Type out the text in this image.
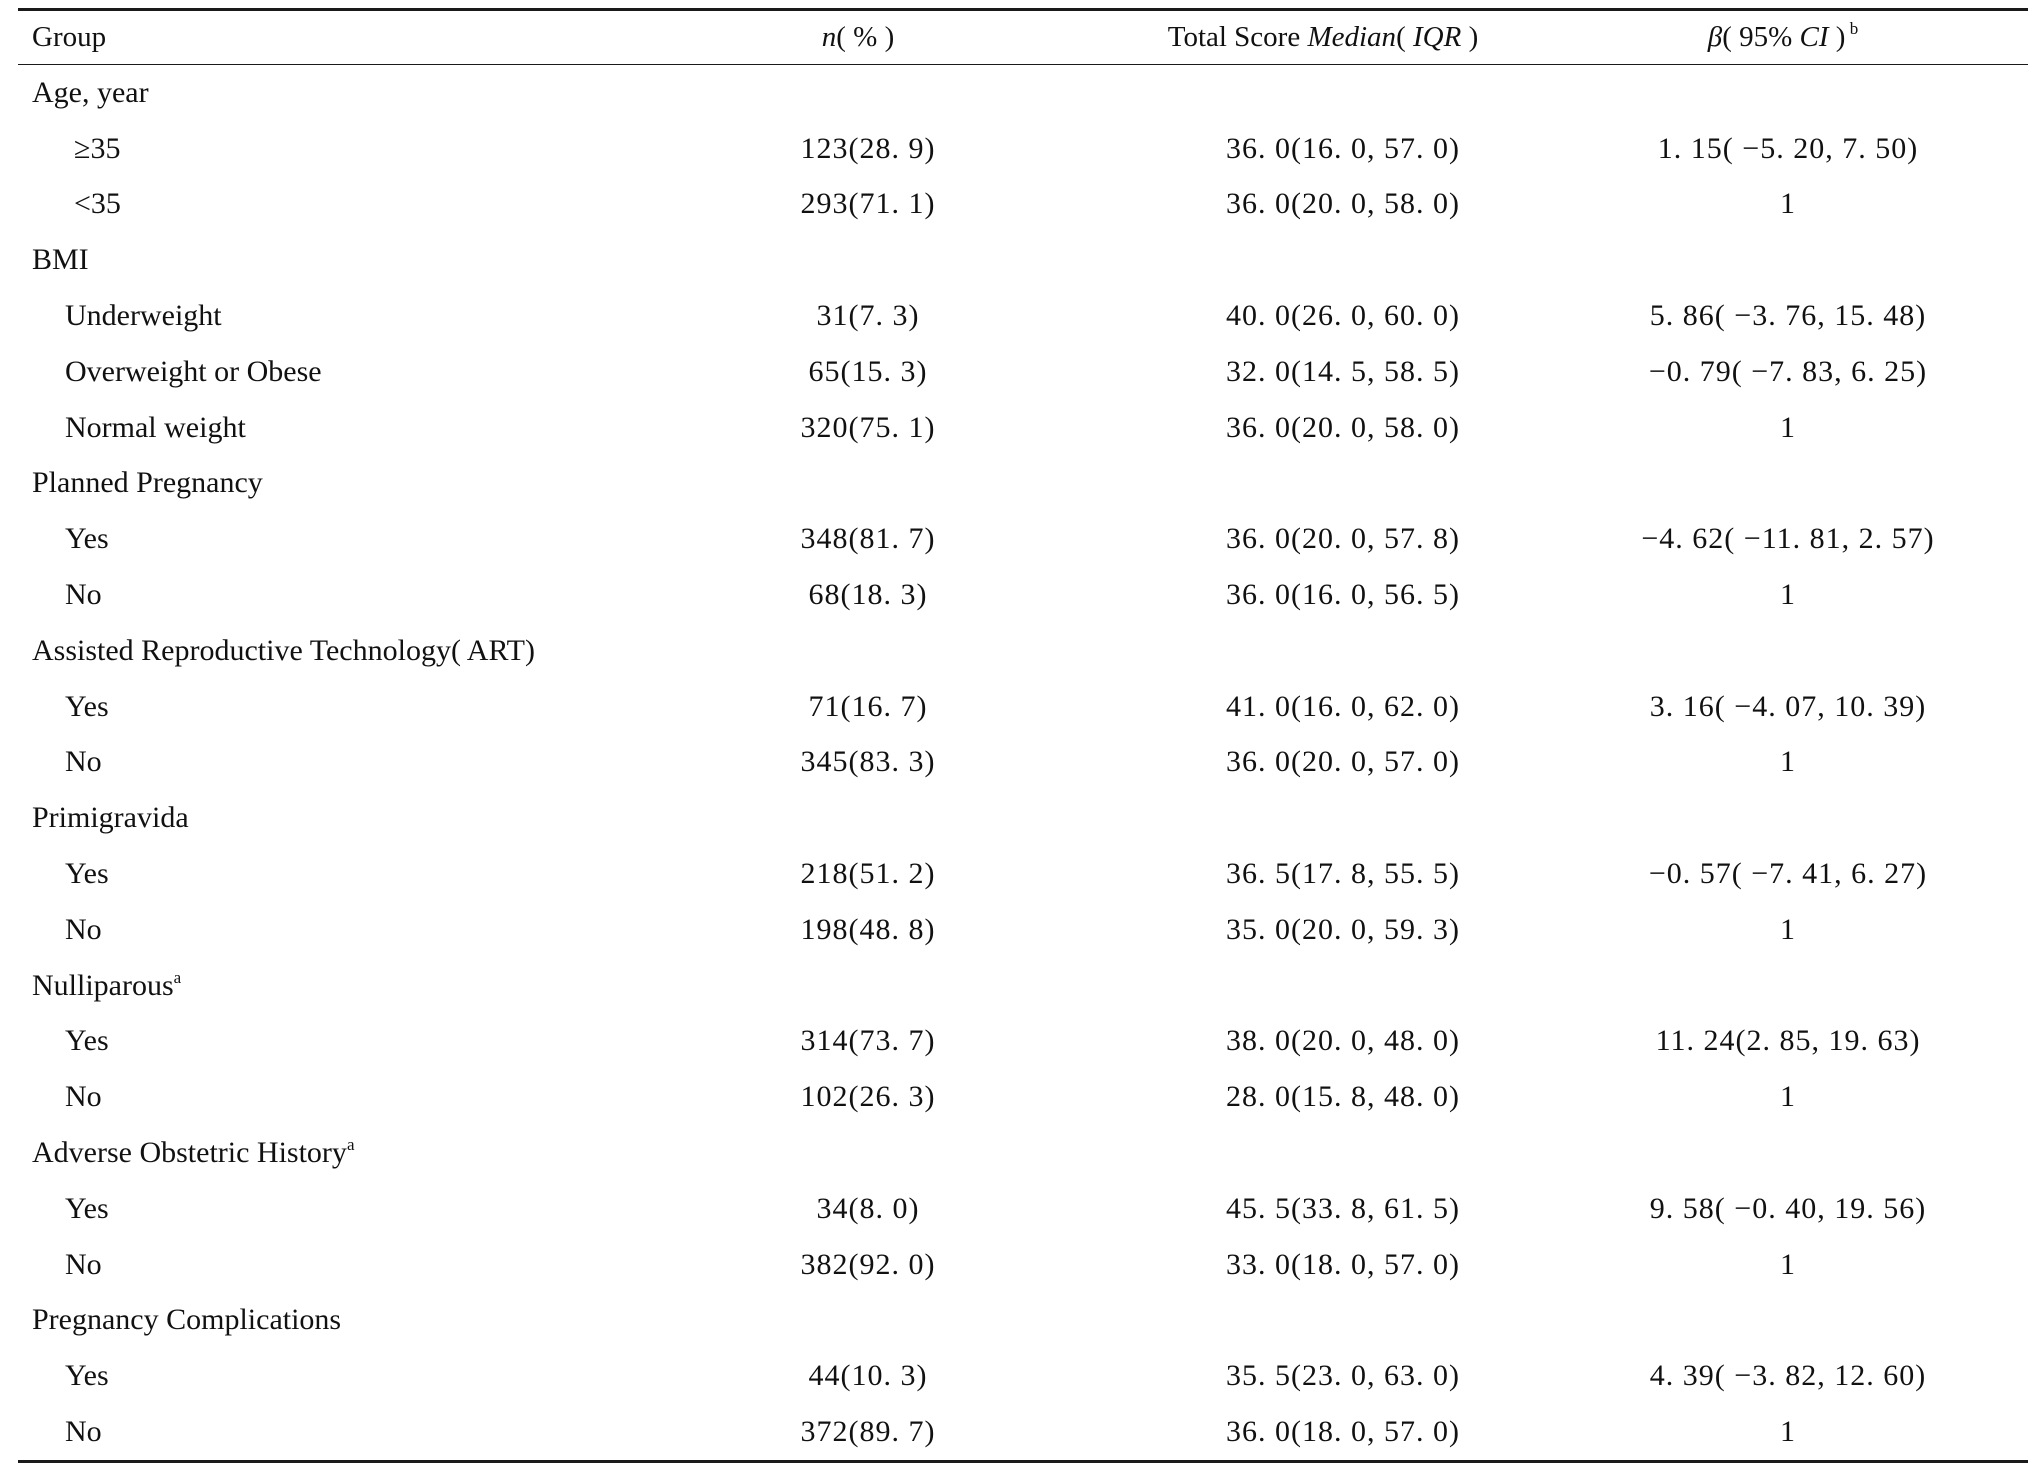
Group	n( % )	Total Score Median( IQR )	β( 95% CI ) $^b$
Age, year
≥35	123(28. 9)	36. 0(16. 0, 57. 0)	1. 15( −5. 20, 7. 50)
<35	293(71. 1)	36. 0(20. 0, 58. 0)	1
BMI
Underweight	31(7. 3)	40. 0(26. 0, 60. 0)	5. 86( −3. 76, 15. 48)
Overweight or Obese	65(15. 3)	32. 0(14. 5, 58. 5)	−0. 79( −7. 83, 6. 25)
Normal weight	320(75. 1)	36. 0(20. 0, 58. 0)	1
Planned Pregnancy
Yes	348(81. 7)	36. 0(20. 0, 57. 8)	−4. 62( −11. 81, 2. 57)
No	68(18. 3)	36. 0(16. 0, 56. 5)	1
Assisted Reproductive Technology( ART)
Yes	71(16. 7)	41. 0(16. 0, 62. 0)	3. 16( −4. 07, 10. 39)
No	345(83. 3)	36. 0(20. 0, 57. 0)	1
Primigravida
Yes	218(51. 2)	36. 5(17. 8, 55. 5)	−0. 57( −7. 41, 6. 27)
No	198(48. 8)	35. 0(20. 0, 59. 3)	1
Nulliparous$^a$
Yes	314(73. 7)	38. 0(20. 0, 48. 0)	11. 24(2. 85, 19. 63)
No	102(26. 3)	28. 0(15. 8, 48. 0)	1
Adverse Obstetric History$^a$
Yes	34(8. 0)	45. 5(33. 8, 61. 5)	9. 58( −0. 40, 19. 56)
No	382(92. 0)	33. 0(18. 0, 57. 0)	1
Pregnancy Complications
Yes	44(10. 3)	35. 5(23. 0, 63. 0)	4. 39( −3. 82, 12. 60)
No	372(89. 7)	36. 0(18. 0, 57. 0)	1
